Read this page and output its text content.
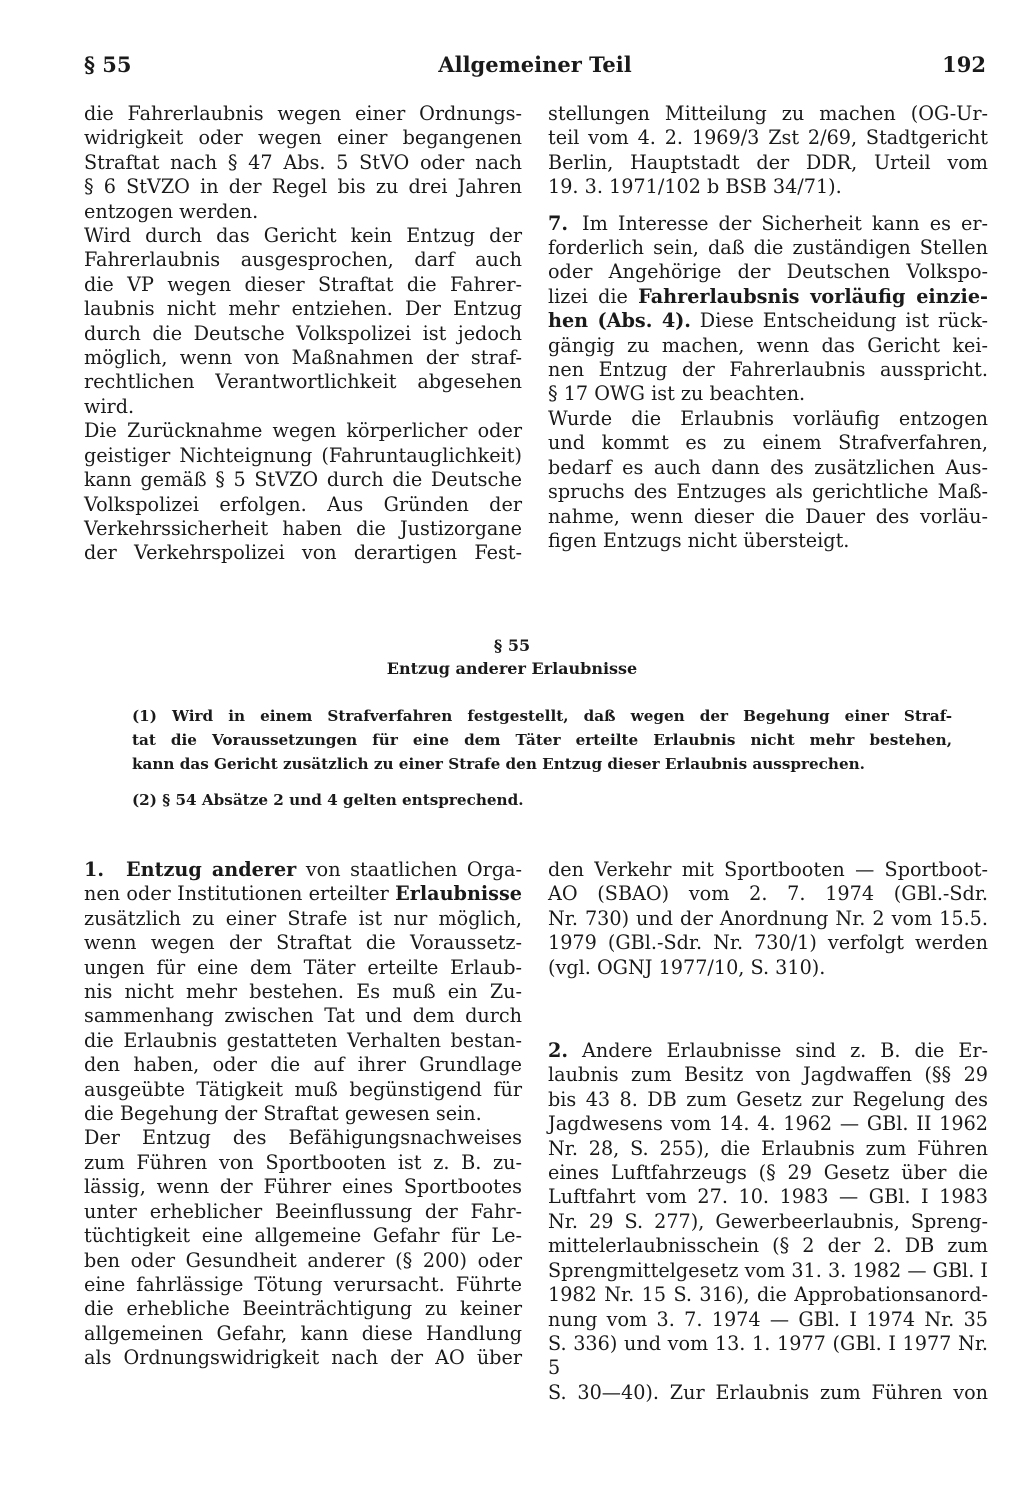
§ 55	Allgemeiner Teil	192

die Fahrerlaubnis wegen einer Ordnungs-

widrigkeit oder wegen einer begangenen

Straftat nach § 47 Abs. 5 StVO oder nach

§ 6 StVZO in der Regel bis zu drei Jahren

entzogen werden.

Wird durch das Gericht kein Entzug der

Fahrerlaubnis ausgesprochen, darf auch

die VP wegen dieser Straftat die Fahrer-

laubnis nicht mehr entziehen. Der Entzug

durch die Deutsche Volkspolizei ist jedoch

möglich, wenn von Maßnahmen der straf-

rechtlichen Verantwortlichkeit abgesehen

wird.

Die Zurücknahme wegen körperlicher oder

geistiger Nichteignung (Fahruntauglichkeit)

kann gemäß § 5 StVZO durch die Deutsche

Volkspolizei erfolgen. Aus Gründen der

Verkehrssicherheit haben die Justizorgane

der Verkehrspolizei von derartigen Fest-

stellungen Mitteilung zu machen (OG-Ur-

teil vom 4. 2. 1969/3 Zst 2/69, Stadtgericht

Berlin, Hauptstadt der DDR, Urteil vom

19. 3. 1971/102 b BSB 34/71).

7. Im Interesse der Sicherheit kann es er-

forderlich sein, daß die zuständigen Stellen

oder Angehörige der Deutschen Volkspo-

lizei die Fahrerlaubsnis vorläufig einzie-

hen (Abs. 4). Diese Entscheidung ist rück-

gängig zu machen, wenn das Gericht kei-

nen Entzug der Fahrerlaubnis ausspricht.

§ 17 OWG ist zu beachten.

Wurde die Erlaubnis vorläufig entzogen

und kommt es zu einem Strafverfahren,

bedarf es auch dann des zusätzlichen Aus-

spruchs des Entzuges als gerichtliche Maß-

nahme, wenn dieser die Dauer des vorläu-

figen Entzugs nicht übersteigt.

§ 55
Entzug anderer Erlaubnisse

(1) Wird in einem Strafverfahren festgestellt, daß wegen der Begehung einer Straf-

tat die Voraussetzungen für eine dem Täter erteilte Erlaubnis nicht mehr bestehen,

kann das Gericht zusätzlich zu einer Strafe den Entzug dieser Erlaubnis aussprechen.

(2) § 54 Absätze 2 und 4 gelten entsprechend.

1. Entzug anderer von staatlichen Orga-

nen oder Institutionen erteilter Erlaubnisse

zusätzlich zu einer Strafe ist nur möglich,

wenn wegen der Straftat die Voraussetz-

ungen für eine dem Täter erteilte Erlaub-

nis nicht mehr bestehen. Es muß ein Zu-

sammenhang zwischen Tat und dem durch

die Erlaubnis gestatteten Verhalten bestan-

den haben, oder die auf ihrer Grundlage

ausgeübte Tätigkeit muß begünstigend für

die Begehung der Straftat gewesen sein.

Der Entzug des Befähigungsnachweises

zum Führen von Sportbooten ist z. B. zu-

lässig, wenn der Führer eines Sportbootes

unter erheblicher Beeinflussung der Fahr-

tüchtigkeit eine allgemeine Gefahr für Le-

ben oder Gesundheit anderer (§ 200) oder

eine fahrlässige Tötung verursacht. Führte

die erhebliche Beeinträchtigung zu keiner

allgemeinen Gefahr, kann diese Handlung

als Ordnungswidrigkeit nach der AO über

den Verkehr mit Sportbooten — Sportboot-

AO (SBAO) vom 2. 7. 1974 (GBl.-Sdr.

Nr. 730) und der Anordnung Nr. 2 vom 15.5.

1979 (GBl.-Sdr. Nr. 730/1) verfolgt werden

(vgl. OGNJ 1977/10, S. 310).

2. Andere Erlaubnisse sind z. B. die Er-

laubnis zum Besitz von Jagdwaffen (§§ 29

bis 43 8. DB zum Gesetz zur Regelung des

Jagdwesens vom 14. 4. 1962 — GBl. II 1962

Nr. 28, S. 255), die Erlaubnis zum Führen

eines Luftfahrzeugs (§ 29 Gesetz über die

Luftfahrt vom 27. 10. 1983 — GBl. I 1983

Nr. 29 S. 277), Gewerbeerlaubnis, Spreng-

mittelerlaubnisschein (§ 2 der 2. DB zum

Sprengmittelgesetz vom 31. 3. 1982 — GBl. I

1982 Nr. 15 S. 316), die Approbationsanord-

nung vom 3. 7. 1974 — GBl. I 1974 Nr. 35

S. 336) und vom 13. 1. 1977 (GBl. I 1977 Nr. 5

S. 30—40). Zur Erlaubnis zum Führen von
